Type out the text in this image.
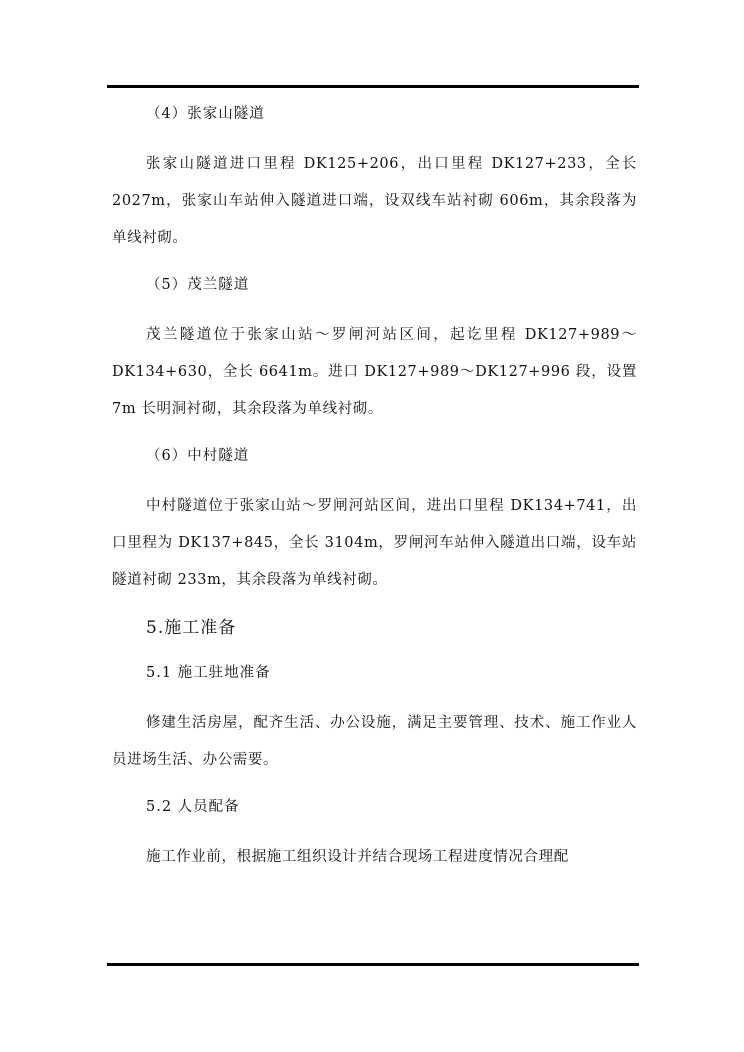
（4）张家山隧道
张家山隧道进口里程 DK125+206，出口里程 DK127+233，全长 2027m，张家山车站伸入隧道进口端，设双线车站衬砌 606m，其余段落为单线衬砌。
（5）茂兰隧道
茂兰隧道位于张家山站～罗闸河站区间，起讫里程 DK127+989～DK134+630，全长 6641m。进口 DK127+989～DK127+996 段，设置 7m 长明洞衬砌，其余段落为单线衬砌。
（6）中村隧道
中村隧道位于张家山站～罗闸河站区间，进出口里程 DK134+741，出口里程为 DK137+845，全长 3104m，罗闸河车站伸入隧道出口端，设车站隧道衬砌 233m，其余段落为单线衬砌。
5.施工准备
5.1 施工驻地准备
修建生活房屋，配齐生活、办公设施，满足主要管理、技术、施工作业人员进场生活、办公需要。
5.2 人员配备
施工作业前，根据施工组织设计并结合现场工程进度情况合理配
